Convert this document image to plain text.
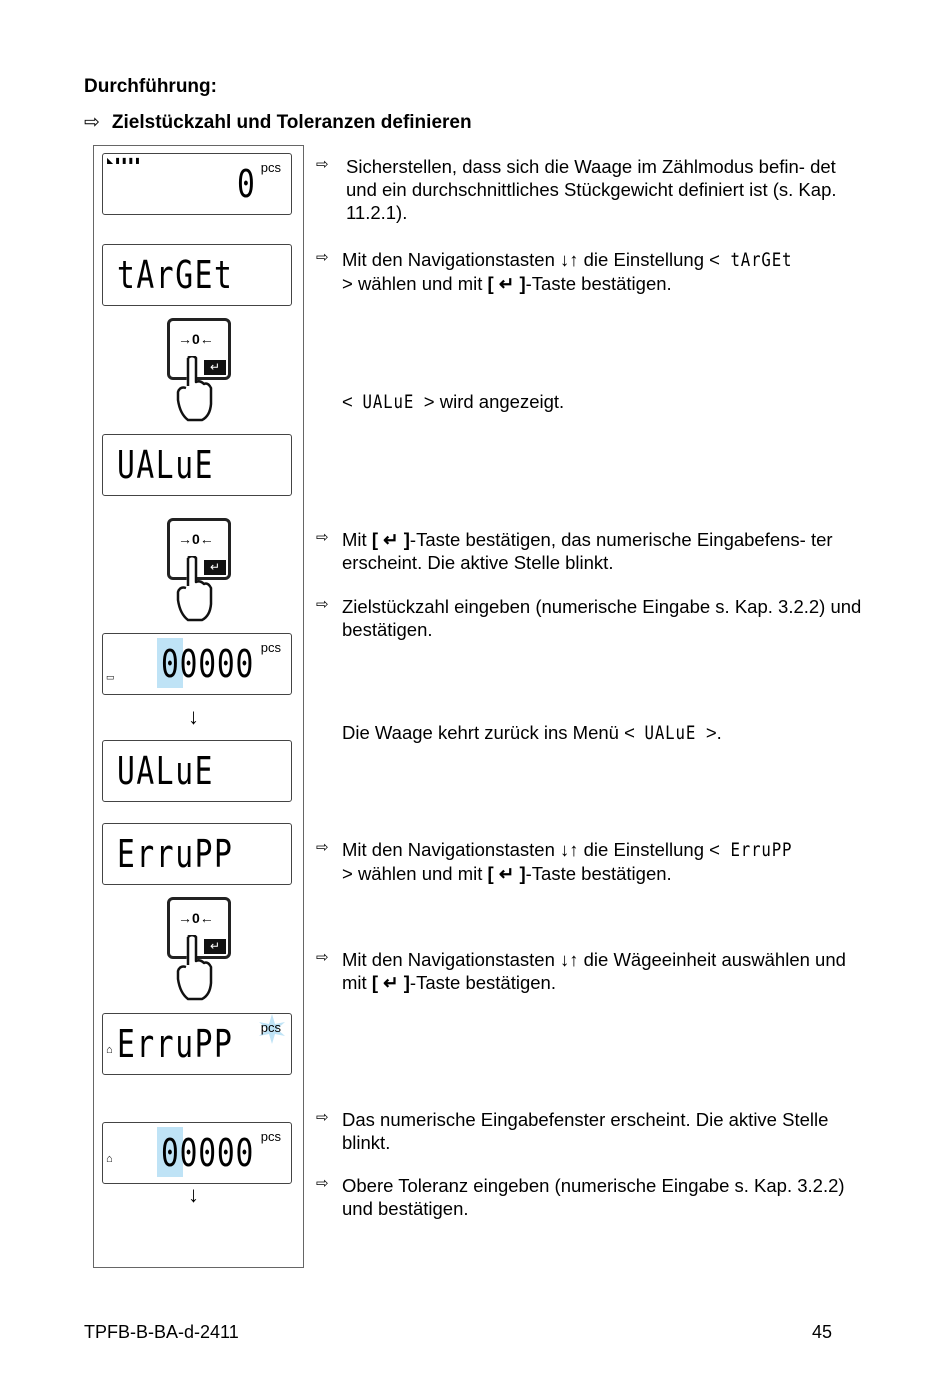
Durchführung:
⇨ Zielstückzahl und Toleranzen definieren
◣ ▮ ▮ ▮ ▮
0 pcs
tArGEt
→0←
↵
UALuE
→0←
↵
▭ 00000 pcs
↓
UALuE
ErruPP
→0←
↵
⌂ ErruPP pcs
⌂ 00000 pcs
↓
⇨ Sicherstellen, dass sich die Waage im Zählmodus befin- det und ein durchschnittliches Stückgewicht definiert ist (s. Kap. 11.2.1).
⇨ Mit den Navigationstasten ↓↑ die Einstellung < tArGEt
> wählen und mit [ ↵ ]-Taste bestätigen.
< UALuE > wird angezeigt.
⇨ Mit [ ↵ ]-Taste bestätigen, das numerische Eingabefens- ter erscheint. Die aktive Stelle blinkt.
⇨ Zielstückzahl eingeben (numerische Eingabe s. Kap. 3.2.2) und bestätigen.
Die Waage kehrt zurück ins Menü < UALuE >.
⇨ Mit den Navigationstasten ↓↑ die Einstellung < ErruPP
> wählen und mit [ ↵ ]-Taste bestätigen.
⇨ Mit den Navigationstasten ↓↑ die Wägeeinheit auswählen und mit [ ↵ ]-Taste bestätigen.
⇨ Das numerische Eingabefenster erscheint. Die aktive Stelle blinkt.
⇨ Obere Toleranz eingeben (numerische Eingabe s. Kap. 3.2.2) und bestätigen.
TPFB-B-BA-d-2411	45
